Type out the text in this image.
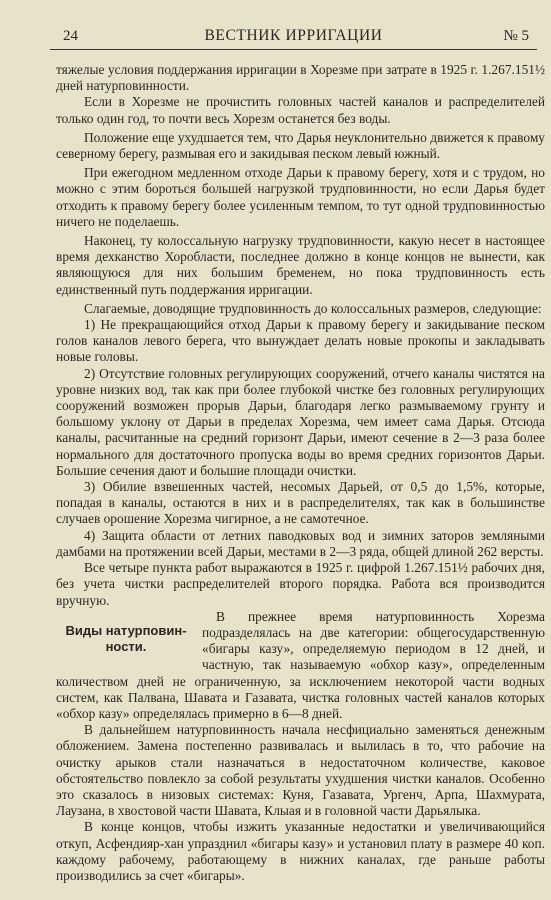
24	ВЕСТНИК ИРРИГАЦИИ	№ 5

тяжелые условия поддержания ирригации в Хорезме при затрате в 1925 г. 1.267.151½ дней натурповинности.

Если в Хорезме не прочистить головных частей каналов и распределителей только один год, то почти весь Хорезм останется без воды.

Положение еще ухудшается тем, что Дарья неуклонительно движется к правому северному берегу, размывая его и закидывая песком левый южный.

При ежегодном медленном отходе Дарьи к правому берегу, хотя и с трудом, но можно с этим бороться большей нагрузкой трудповинности, но если Дарья будет отходить к правому берегу более усиленным темпом, то тут одной трудповинностью ничего не поделаешь.

Наконец, ту колоссальную нагрузку трудповинности, какую несет в настоящее время дехканство Хоробласти, последнее должно в конце концов не вынести, как являющуюся для них большим бременем, но пока трудповинность есть единственный путь поддержания ирригации.

Слагаемые, доводящие трудповинность до колоссальных размеров, следующие:

1) Не прекращающийся отход Дарьи к правому берегу и закидывание песком голов каналов левого берега, что вынуждает делать новые прокопы и закладывать новые головы.

2) Отсутствие головных регулирующих сооружений, отчего каналы чистятся на уровне низких вод, так как при более глубокой чистке без головных регулирующих сооружений возможен прорыв Дарьи, благодаря легко размываемому грунту и большому уклону от Дарьи в пределах Хорезма, чем имеет сама Дарья. Отсюда каналы, расчитанные на средний горизонт Дарьи, имеют сечение в 2—3 раза более нормального для достаточного пропуска воды во время средних горизонтов Дарьи. Большие сечения дают и большие площади очистки.

3) Обилие взвешенных частей, несомых Дарьей, от 0,5 до 1,5%, которые, попадая в каналы, остаются в них и в распределителях, так как в большинстве случаев орошение Хорезма чигирное, а не самотечное.

4) Защита области от летних паводковых вод и зимних заторов земляными дамбами на протяжении всей Дарьи, местами в 2—3 ряда, общей длиной 262 версты.

Все четыре пункта работ выражаются в 1925 г. цифрой 1.267.151½ рабочих дня, без учета чистки распределителей второго порядка. Работа вся производится вручную.

Виды натурповин-
ности.

В прежнее время натурповинность Хорезма подразделялась на две категории: общегосударственную «бигары казу», определяемую периодом в 12 дней, и частную, так называемую «обхор казу», определенным количеством дней не ограниченную, за исключением некоторой части водных систем, как Палвана, Шавата и Газавата, чистка головных частей каналов которых «обхор казу» определялась примерно в 6—8 дней.

В дальнейшем натурповинность начала несфициально заменяться денежным обложением. Замена постепенно развивалась и вылилась в то, что рабочие на очистку арыков стали назначаться в недостаточном количестве, каковое обстоятельство повлекло за собой результаты ухудшения чистки каналов. Особенно это сказалось в низовых системах: Куня, Газавата, Ургенч, Арпа, Шахмурата, Лаузана, в хвостовой части Шавата, Клыая и в головной части Дарьялыка.

В конце концов, чтобы изжить указанные недостатки и увеличивающийся откуп, Асфендияр-хан упразднил «бигары казу» и установил плату в размере 40 коп. каждому рабочему, работающему в нижних каналах, где раньше работы производились за счет «бигары».
